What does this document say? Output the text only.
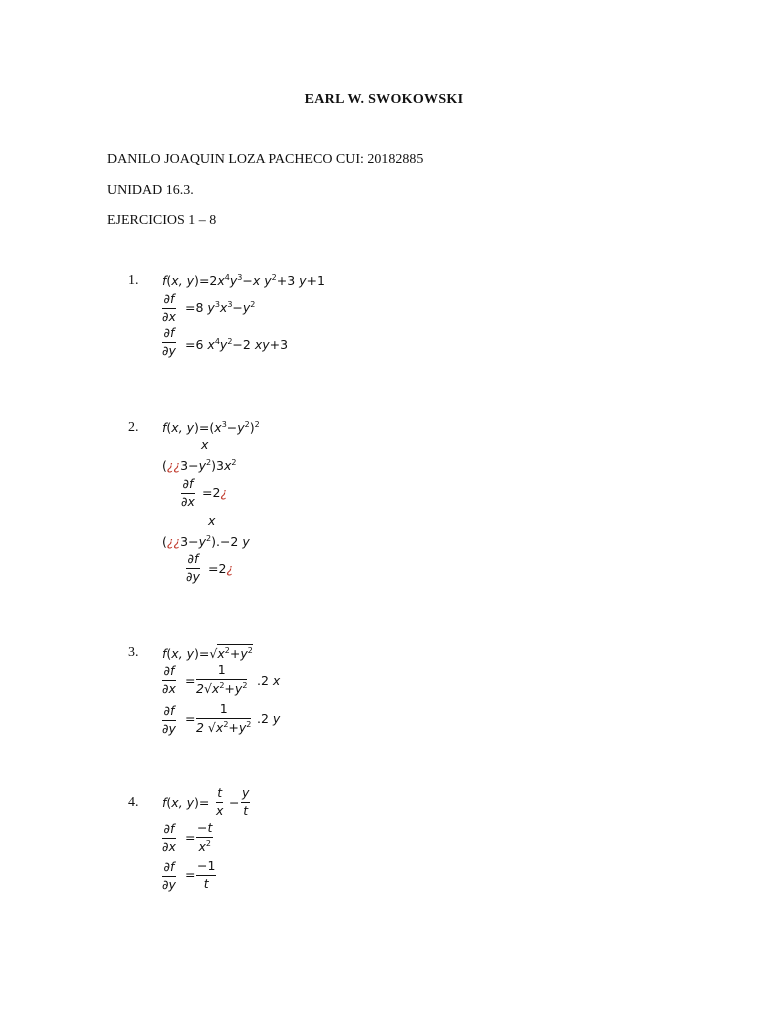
EARL W. SWOKOWSKI
DANILO JOAQUIN LOZA PACHECO CUI: 20182885
UNIDAD 16.3.
EJERCICIOS 1 – 8
1. f(x, $y)=2x^4y^3-x$ $y^2+3$ y+1
$\frac{\partial f}{\partial x} =8$ $y^3x^3-y^2$
$\frac{\partial f}{\partial y} =6$ $x^4y^2-2$ xy+3
2. f(x, $y)=(x^3-y^2)^2$
x
$(¿¿3-y^2)3x^2$
$\frac{\partial f}{\partial x}$ =2¿
x
$(¿¿3-y^2).-2$ y
$\frac{\partial f}{\partial y}$ =2¿
3. f(x, $y)=√x^2+y^2$
$\frac{\partial f}{\partial x} = \frac{1}{2√x^2+y^2} .2$ x
$\frac{\partial f}{\partial y} = \frac{1}{2 √x^2+y^2} .2$ y
4. f(x, $y)= \frac{t}{x} - \frac{y}{t}$
$\frac{\partial f}{\partial x} = \frac{-t}{x^2}$
$\frac{\partial f}{\partial y} = \frac{-1}{t}$
